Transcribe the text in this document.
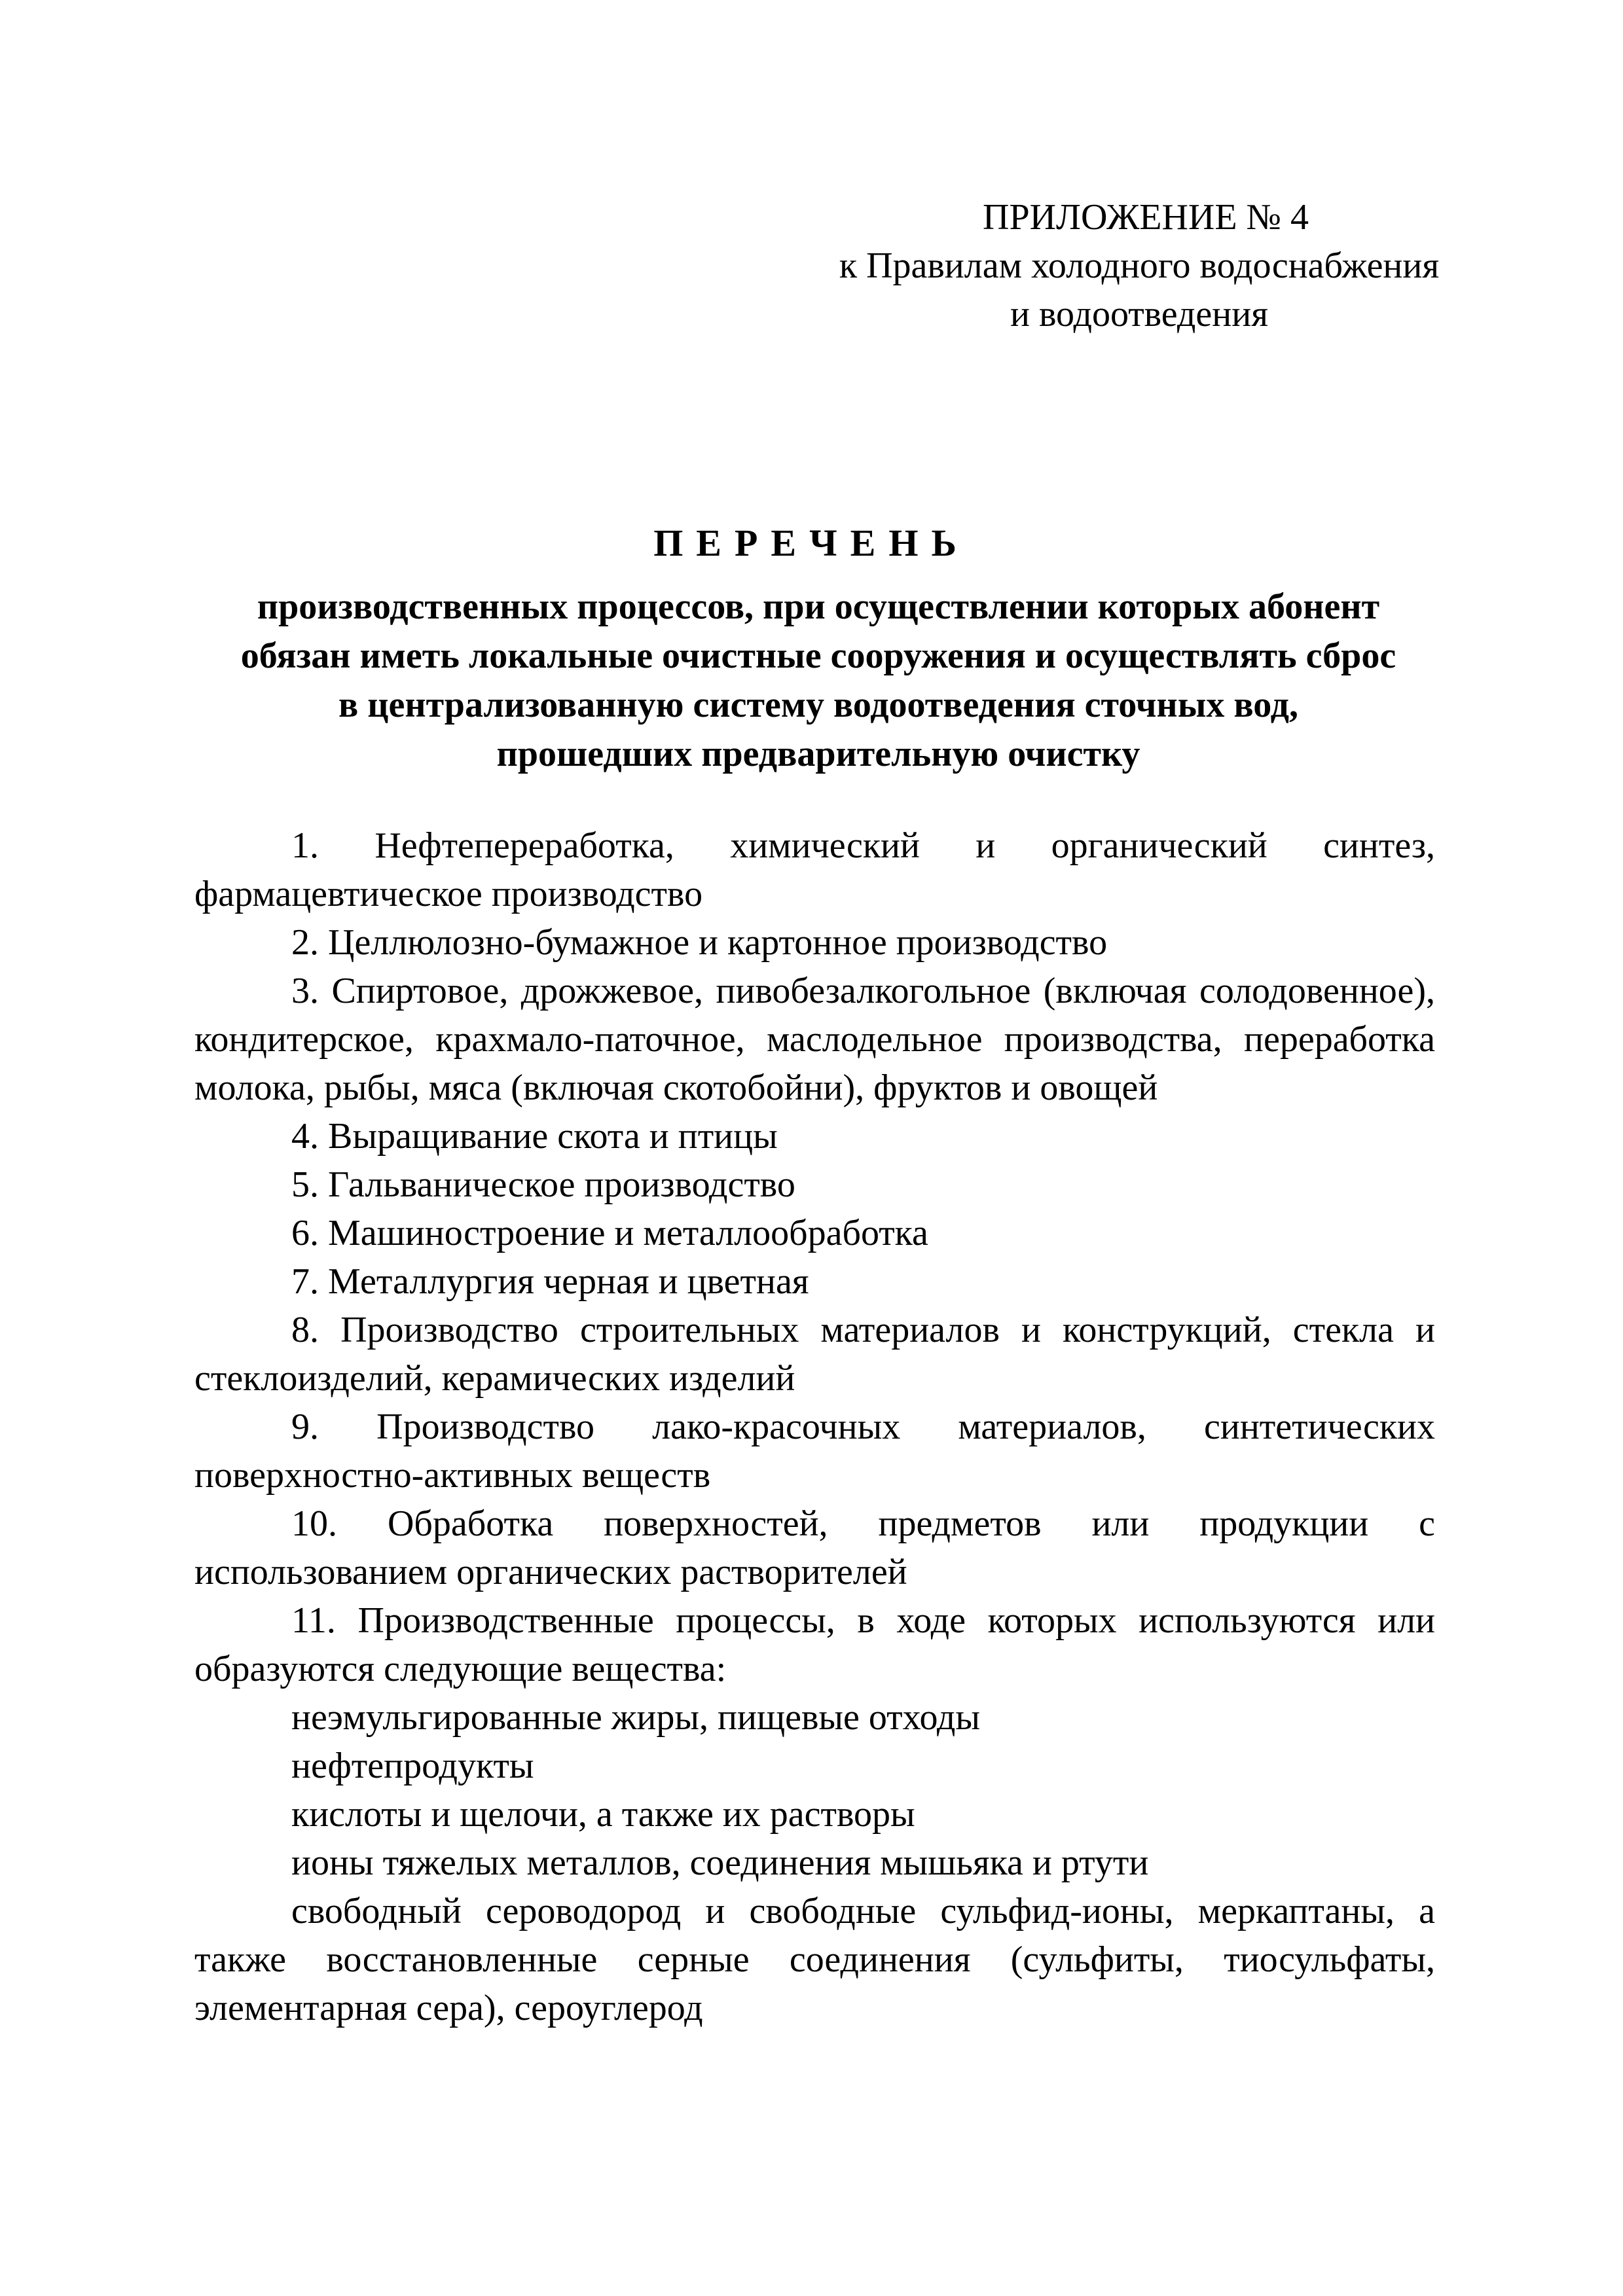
ПРИЛОЖЕНИЕ № 4
к Правилам холодного водоснабжения
и водоотведения
ПЕРЕЧЕНЬ
производственных процессов, при осуществлении которых абонент
обязан иметь локальные очистные сооружения и осуществлять сброс
в централизованную систему водоотведения сточных вод,
прошедших предварительную очистку

1. Нефтепереработка, химический и органический синтез, фармацевтическое производство

2. Целлюлозно-бумажное и картонное производство

3. Спиртовое, дрожжевое, пивобезалкогольное (включая солодовенное), кондитерское, крахмало-паточное, маслодельное производства, переработка молока, рыбы, мяса (включая скотобойни), фруктов и овощей

4. Выращивание скота и птицы

5. Гальваническое производство

6. Машиностроение и металлообработка

7. Металлургия черная и цветная

8. Производство строительных материалов и конструкций, стекла и стеклоизделий, керамических изделий

9. Производство лако-красочных материалов, синтетических поверхностно-активных веществ

10. Обработка поверхностей, предметов или продукции с использованием органических растворителей

11. Производственные процессы, в ходе которых используются или образуются следующие вещества:

неэмульгированные жиры, пищевые отходы

нефтепродукты

кислоты и щелочи, а также их растворы

ионы тяжелых металлов, соединения мышьяка и ртути

свободный сероводород и свободные сульфид-ионы, меркаптаны, а также восстановленные серные соединения (сульфиты, тиосульфаты, элементарная сера), сероуглерод
